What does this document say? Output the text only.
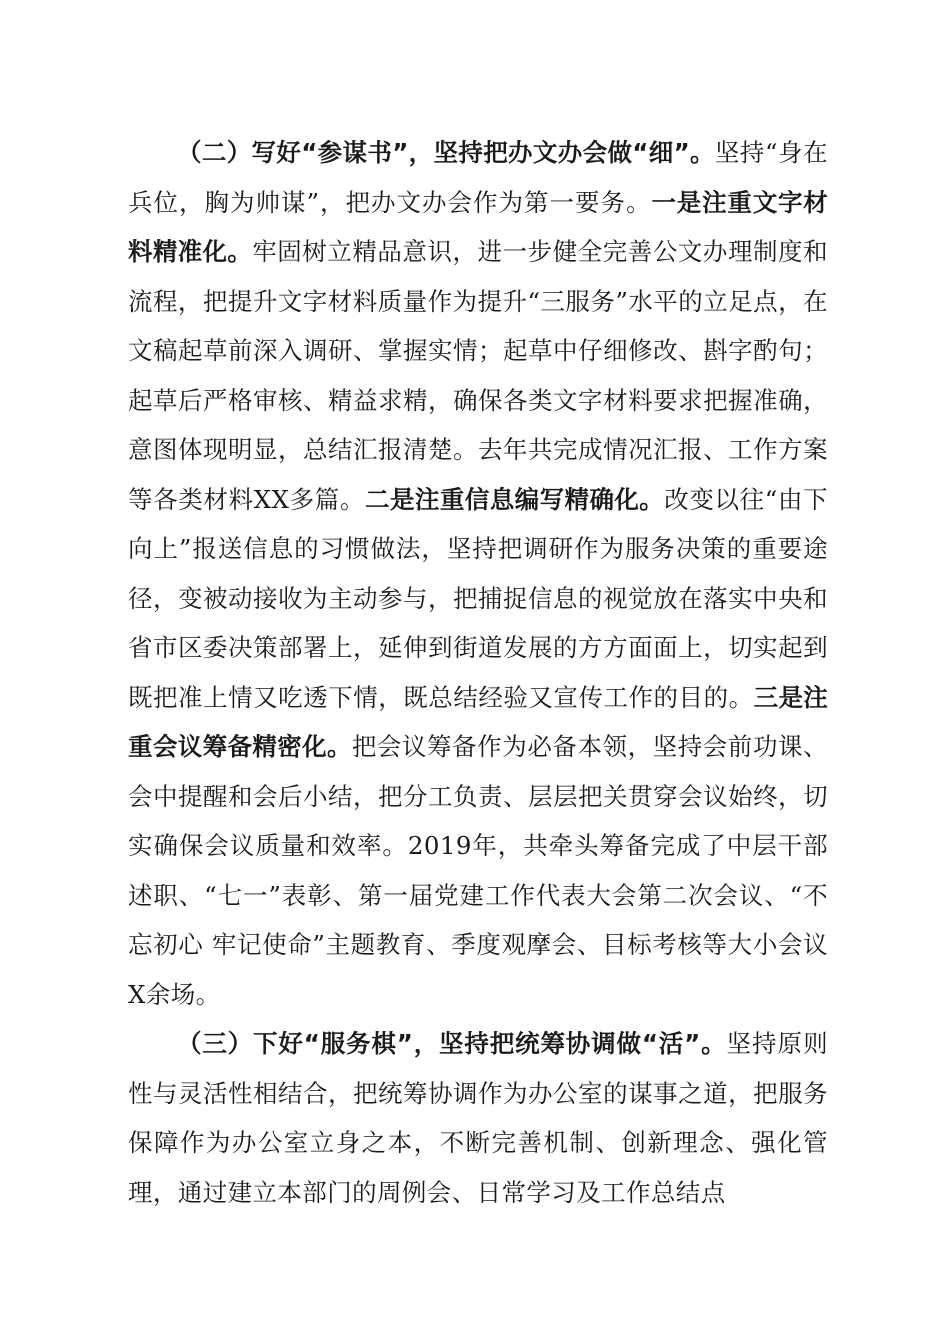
（二）写好“参谋书”，坚持把办文办会做“细”。坚持“身在兵位，胸为帅谋”，把办文办会作为第一要务。一是注重文字材料精准化。牢固树立精品意识，进一步健全完善公文办理制度和流程，把提升文字材料质量作为提升“三服务”水平的立足点，在文稿起草前深入调研、掌握实情；起草中仔细修改、斟字酌句；起草后严格审核、精益求精，确保各类文字材料要求把握准确，意图体现明显，总结汇报清楚。去年共完成情况汇报、工作方案等各类材料XX多篇。二是注重信息编写精确化。改变以往“由下向上”报送信息的习惯做法，坚持把调研作为服务决策的重要途径，变被动接收为主动参与，把捕捉信息的视觉放在落实中央和省市区委决策部署上，延伸到街道发展的方方面面上，切实起到既把准上情又吃透下情，既总结经验又宣传工作的目的。三是注重会议筹备精密化。把会议筹备作为必备本领，坚持会前功课、会中提醒和会后小结，把分工负责、层层把关贯穿会议始终，切实确保会议质量和效率。2019年，共牵头筹备完成了中层干部述职、“七一”表彰、第一届党建工作代表大会第二次会议、“不忘初心 牢记使命”主题教育、季度观摩会、目标考核等大小会议X余场。

（三）下好“服务棋”，坚持把统筹协调做“活”。坚持原则性与灵活性相结合，把统筹协调作为办公室的谋事之道，把服务保障作为办公室立身之本，不断完善机制、创新理念、强化管理，通过建立本部门的周例会、日常学习及工作总结点
